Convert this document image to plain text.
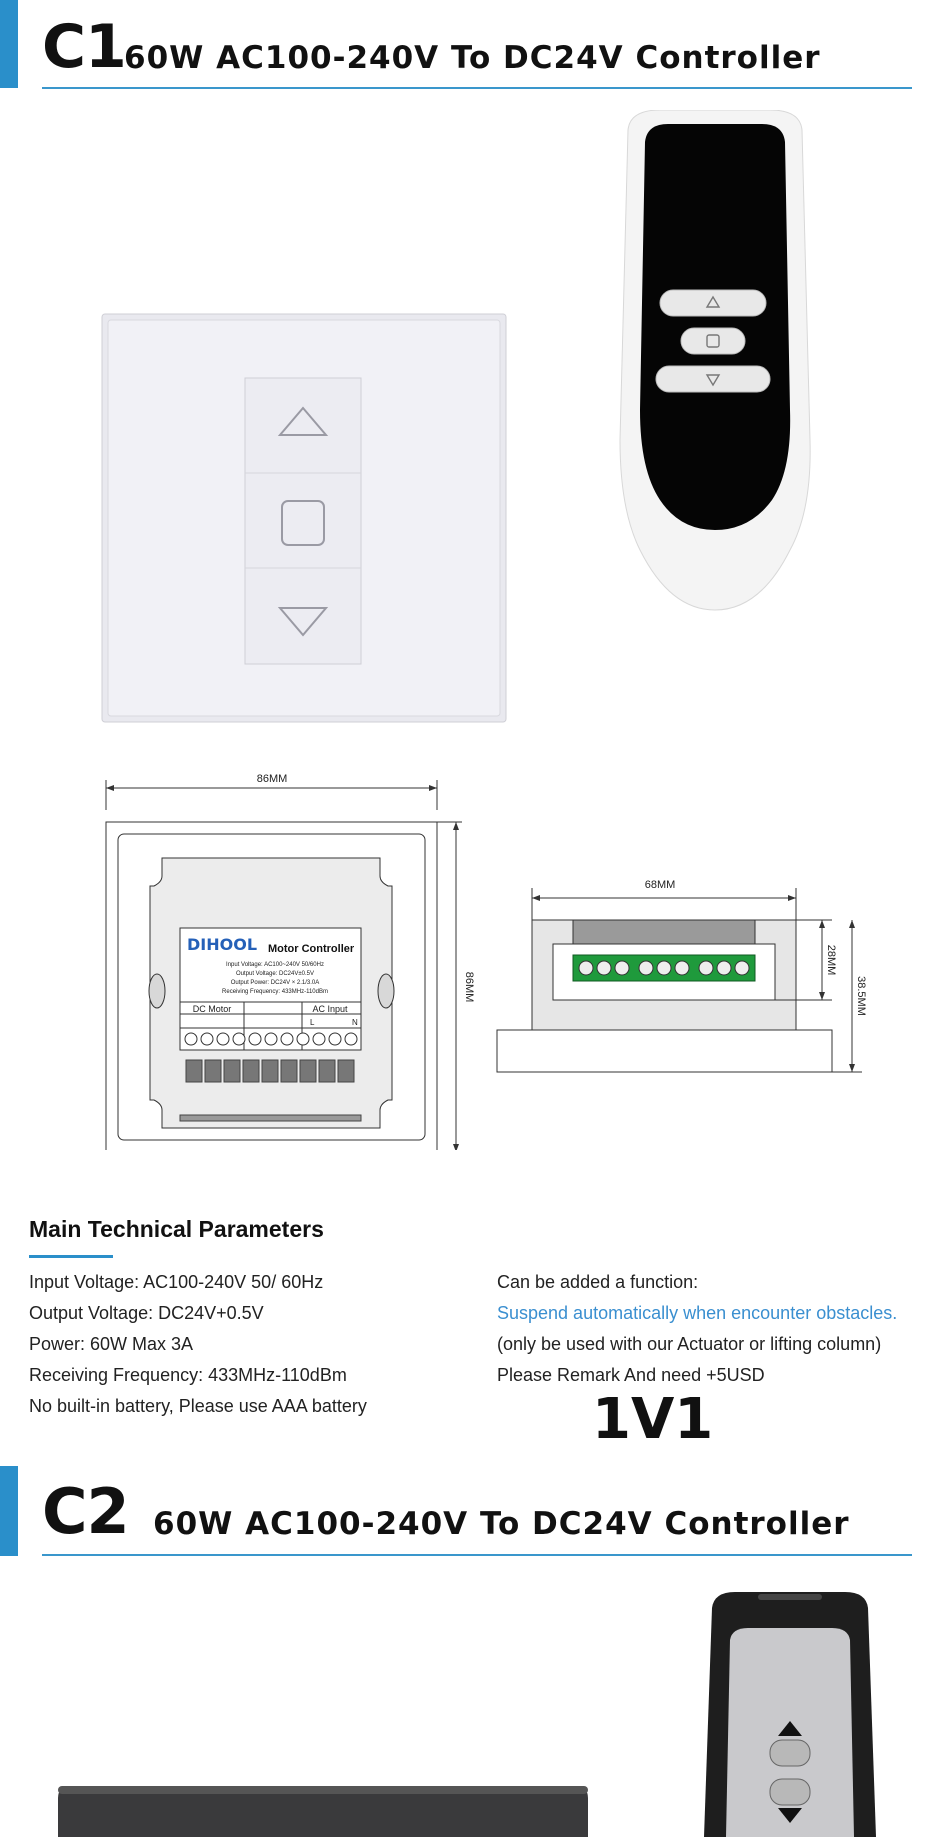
C1
60W AC100-240V To DC24V Controller
86MM
DIHOOL Motor Controller
Input Voltage: AC100~240V 50/60Hz
Output Voltage: DC24V±0.5V
Output Power: DC24V × 2.1/3.0A
Receiving Frequency: 433MHz-110dBm
DC Motor	AC Input
L	N
86MM
68MM
28MM
38.5MM
Main Technical Parameters
Input Voltage: AC100-240V 50/ 60Hz
Output Voltage: DC24V+0.5V
Power: 60W Max 3A
Receiving Frequency: 433MHz-110dBm
No built-in battery, Please use AAA battery
Can be added a function:
Suspend automatically when encounter obstacles.
(only be used with our Actuator or lifting column)
Please Remark And need +5USD
1V1
C2 60W AC100-240V To DC24V Controller
